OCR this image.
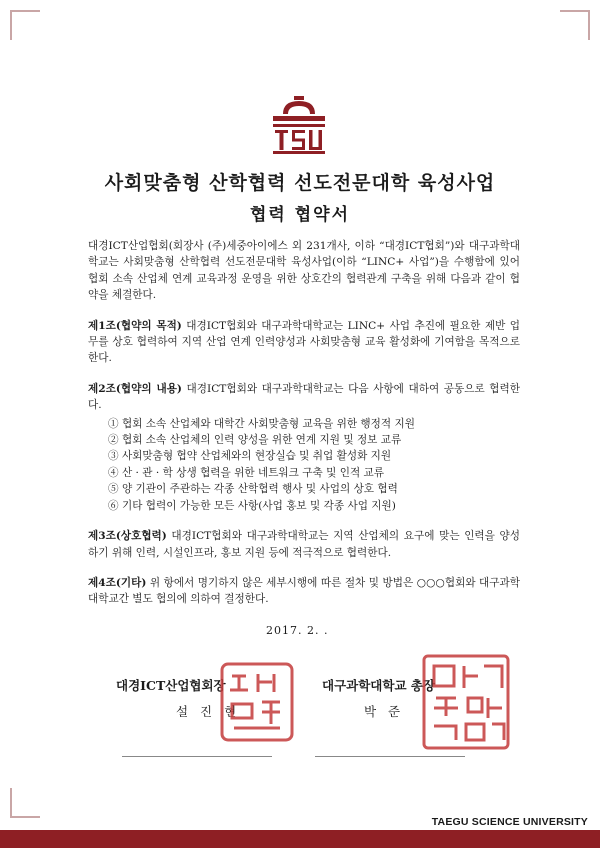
사회맞춤형 산학협력 선도전문대학 육성사업
협력 협약서

대경ICT산업협회(회장사 (주)세중아이에스 외 231개사, 이하 “대경ICT협회”)와 대구과학대학교는 사회맞춤형 산학협력 선도전문대학 육성사업(이하 “LINC+ 사업”)을 수행함에 있어 협회 소속 산업체 연계 교육과정 운영을 위한 상호간의 협력관계 구축을 위해 다음과 같이 협약을 체결한다.

제1조(협약의 목적) 대경ICT협회와 대구과학대학교는 LINC+ 사업 추진에 필요한 제반 업무를 상호 협력하여 지역 산업 연계 인력양성과 사회맞춤형 교육 활성화에 기여함을 목적으로 한다.

제2조(협약의 내용) 대경ICT협회와 대구과학대학교는 다음 사항에 대하여 공동으로 협력한다.

① 협회 소속 산업체와 대학간 사회맞춤형 교육을 위한 행정적 지원
② 협회 소속 산업체의 인력 양성을 위한 연계 지원 및 정보 교류
③ 사회맞춤형 협약 산업체와의 현장실습 및 취업 활성화 지원
④ 산 · 관 · 학 상생 협력을 위한 네트워크 구축 및 인적 교류
⑤ 양 기관이 주관하는 각종 산학협력 행사 및 사업의 상호 협력
⑥ 기타 협력이 가능한 모든 사항(사업 홍보 및 각종 사업 지원)

제3조(상호협력) 대경ICT협회와 대구과학대학교는 지역 산업체의 요구에 맞는 인력을 양성하기 위해 인력, 시설인프라, 홍보 지원 등에 적극적으로 협력한다.

제4조(기타) 위 항에서 명기하지 않은 세부시행에 따른 절차 및 방법은 ○○○협회와 대구과학대학교간 별도 협의에 의하여 결정한다.

2017. 2. .
대경ICT산업협회장
설 진 현
대구과학대학교 총장
박 준
TAEGU SCIENCE UNIVERSITY
